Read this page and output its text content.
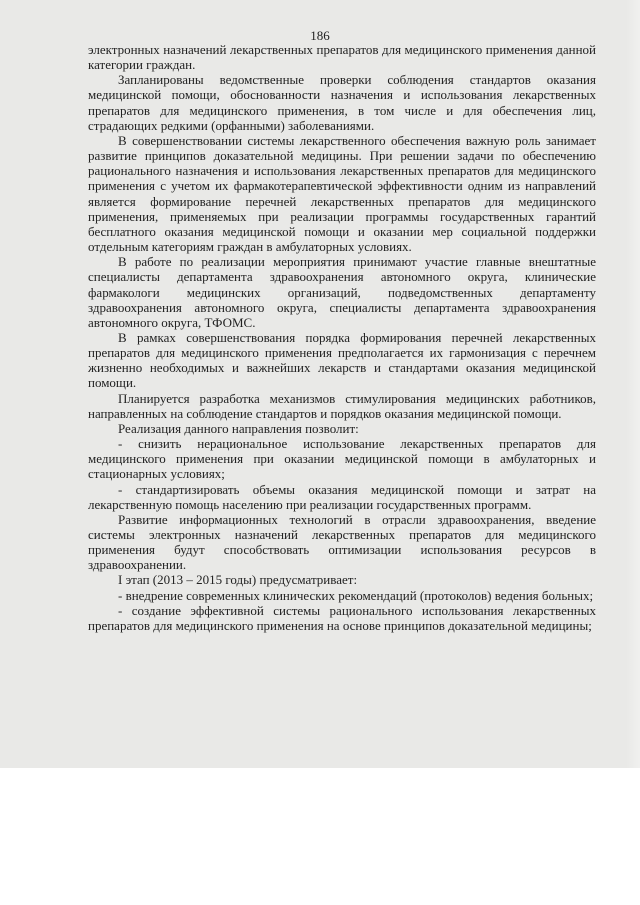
186

электронных назначений лекарственных препаратов для медицинского применения данной категории граждан.

Запланированы ведомственные проверки соблюдения стандартов оказания медицинской помощи, обоснованности назначения и использования лекарственных препаратов для медицинского применения, в том числе и для обеспечения лиц, страдающих редкими (орфанными) заболеваниями.

В совершенствовании системы лекарственного обеспечения важную роль занимает развитие принципов доказательной медицины. При решении задачи по обеспечению рационального назначения и использования лекарственных препаратов для медицинского применения с учетом их фармакотерапевтической эффективности одним из направлений является формирование перечней лекарственных препаратов для медицинского применения, применяемых при реализации программы государственных гарантий бесплатного оказания медицинской помощи и оказании мер социальной поддержки отдельным категориям граждан в амбулаторных условиях.

В работе по реализации мероприятия принимают участие главные внештатные специалисты департамента здравоохранения автономного округа, клинические фармакологи медицинских организаций, подведомственных департаменту здравоохранения автономного округа, специалисты департамента здравоохранения автономного округа, ТФОМС.

В рамках совершенствования порядка формирования перечней лекарственных препаратов для медицинского применения предполагается их гармонизация с перечнем жизненно необходимых и важнейших лекарств и стандартами оказания медицинской помощи.

Планируется разработка механизмов стимулирования медицинских работников, направленных на соблюдение стандартов и порядков оказания медицинской помощи.

Реализация данного направления позволит:

- снизить нерациональное использование лекарственных препаратов для медицинского применения при оказании медицинской помощи в амбулаторных и стационарных условиях;

- стандартизировать объемы оказания медицинской помощи и затрат на лекарственную помощь населению при реализации государственных программ.

Развитие информационных технологий в отрасли здравоохранения, введение системы электронных назначений лекарственных препаратов для медицинского применения будут способствовать оптимизации использования ресурсов в здравоохранении.

I этап (2013 – 2015 годы) предусматривает:

- внедрение современных клинических рекомендаций (протоколов) ведения больных;

- создание эффективной системы рационального использования лекарственных препаратов для медицинского применения на основе принципов доказательной медицины;
